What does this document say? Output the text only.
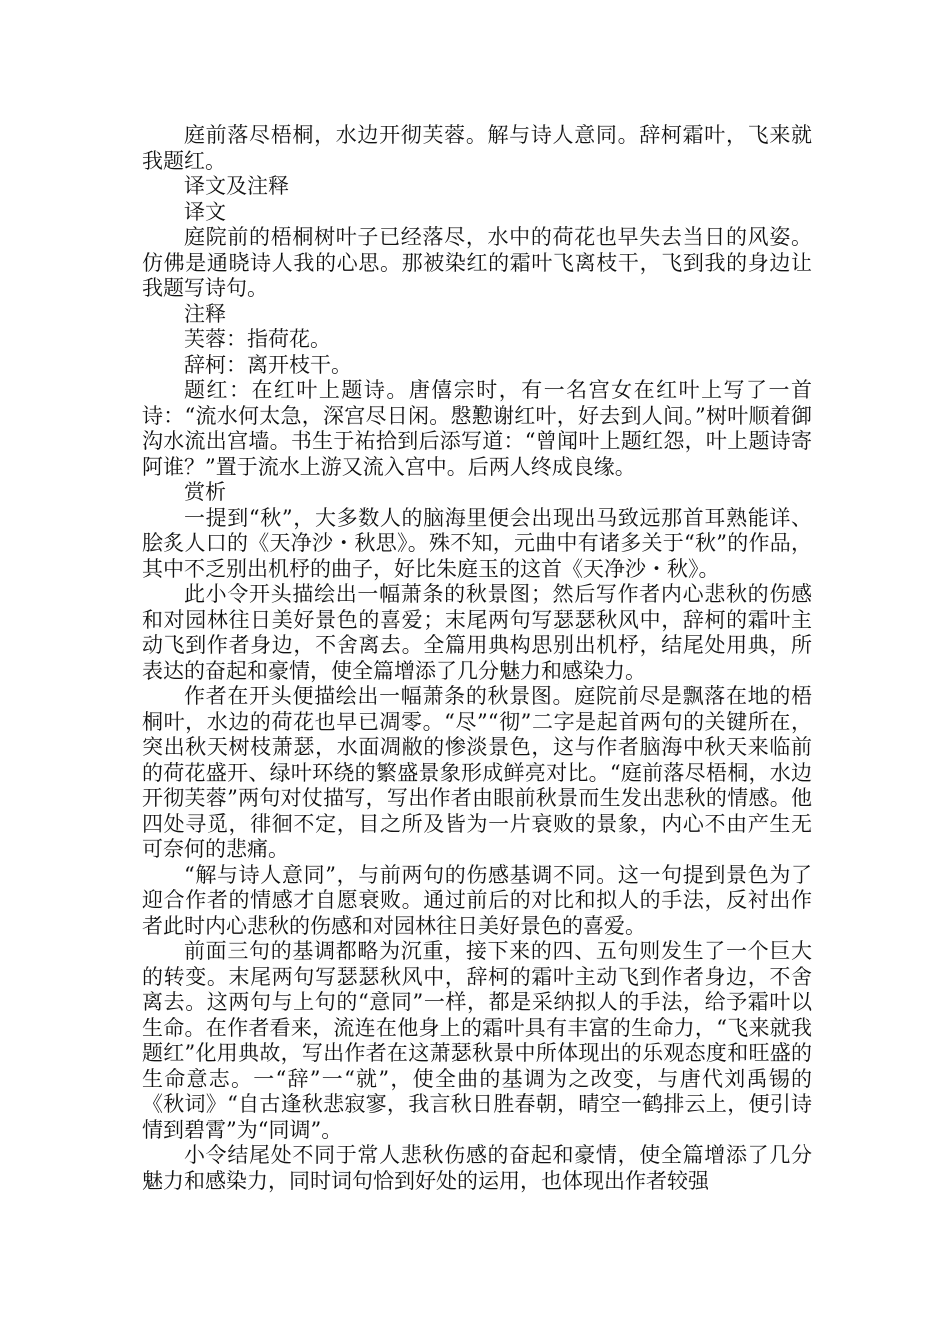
庭前落尽梧桐，水边开彻芙蓉。解与诗人意同。辞柯霜叶，飞来就我题红。

译文及注释

译文

庭院前的梧桐树叶子已经落尽，水中的荷花也早失去当日的风姿。仿佛是通晓诗人我的心思。那被染红的霜叶飞离枝干，飞到我的身边让我题写诗句。

注释

芙蓉：指荷花。

辞柯：离开枝干。

题红：在红叶上题诗。唐僖宗时，有一名宫女在红叶上写了一首诗：“流水何太急，深宫尽日闲。慇懃谢红叶，好去到人间。”树叶顺着御沟水流出宫墙。书生于祐拾到后添写道：“曾闻叶上题红怨，叶上题诗寄阿谁？”置于流水上游又流入宫中。后两人终成良缘。

赏析

一提到“秋”，大多数人的脑海里便会出现出马致远那首耳熟能详、脍炙人口的《天净沙・秋思》。殊不知，元曲中有诸多关于“秋”的作品，其中不乏别出机杼的曲子，好比朱庭玉的这首《天净沙・秋》。

此小令开头描绘出一幅萧条的秋景图；然后写作者内心悲秋的伤感和对园林往日美好景色的喜爱；末尾两句写瑟瑟秋风中，辞柯的霜叶主动飞到作者身边，不舍离去。全篇用典构思别出机杼，结尾处用典，所表达的奋起和豪情，使全篇增添了几分魅力和感染力。

作者在开头便描绘出一幅萧条的秋景图。庭院前尽是飘落在地的梧桐叶，水边的荷花也早已凋零。“尽”“彻”二字是起首两句的关键所在，突出秋天树枝萧瑟，水面凋敝的惨淡景色，这与作者脑海中秋天来临前的荷花盛开、绿叶环绕的繁盛景象形成鲜亮对比。“庭前落尽梧桐，水边开彻芙蓉”两句对仗描写，写出作者由眼前秋景而生发出悲秋的情感。他四处寻觅，徘徊不定，目之所及皆为一片衰败的景象，内心不由产生无可奈何的悲痛。

“解与诗人意同”，与前两句的伤感基调不同。这一句提到景色为了迎合作者的情感才自愿衰败。通过前后的对比和拟人的手法，反衬出作者此时内心悲秋的伤感和对园林往日美好景色的喜爱。

前面三句的基调都略为沉重，接下来的四、五句则发生了一个巨大的转变。末尾两句写瑟瑟秋风中，辞柯的霜叶主动飞到作者身边，不舍离去。这两句与上句的“意同”一样，都是采纳拟人的手法，给予霜叶以生命。在作者看来，流连在他身上的霜叶具有丰富的生命力，“飞来就我题红”化用典故，写出作者在这萧瑟秋景中所体现出的乐观态度和旺盛的生命意志。一“辞”一“就”，使全曲的基调为之改变，与唐代刘禹锡的《秋词》“自古逢秋悲寂寥，我言秋日胜春朝，晴空一鹤排云上，便引诗情到碧霄”为“同调”。

小令结尾处不同于常人悲秋伤感的奋起和豪情，使全篇增添了几分魅力和感染力，同时词句恰到好处的运用，也体现出作者较强
